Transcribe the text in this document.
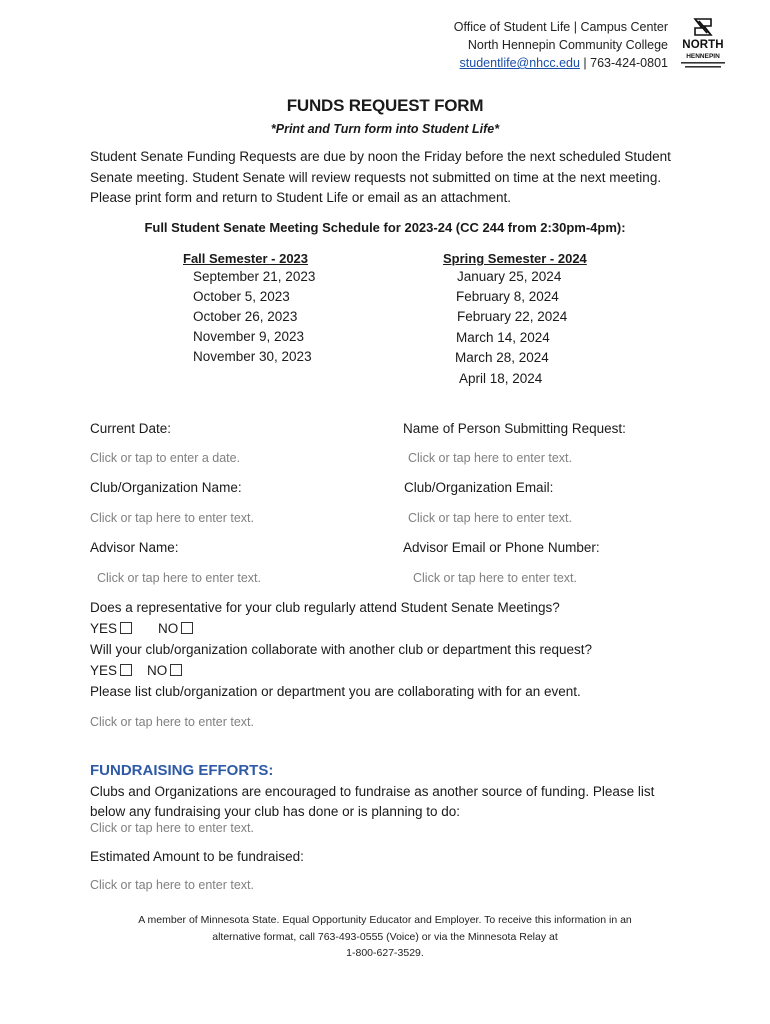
Office of Student Life | Campus Center
North Hennepin Community College
studentlife@nhcc.edu | 763-424-0801
NORTH
HENNEPIN
FUNDS REQUEST FORM
*Print and Turn form into Student Life*
Student Senate Funding Requests are due by noon the Friday before the next scheduled Student Senate meeting. Student Senate will review requests not submitted on time at the next meeting. Please print form and return to Student Life or email as an attachment.
Full Student Senate Meeting Schedule for 2023-24 (CC 244 from 2:30pm-4pm):
Fall Semester - 2023
September 21, 2023
October 5, 2023
October 26, 2023
November 9, 2023
November 30, 2023
Spring Semester - 2024
January 25, 2024
February 8, 2024
February 22, 2024
March 14, 2024
March 28, 2024
April 18, 2024
Current Date:
Click or tap to enter a date.
Name of Person Submitting Request:
Click or tap here to enter text.
Club/Organization Name:
Click or tap here to enter text.
Club/Organization Email:
Click or tap here to enter text.
Advisor Name:
Click or tap here to enter text.
Advisor Email or Phone Number:
Click or tap here to enter text.
Does a representative for your club regularly attend Student Senate Meetings?
YES	NO
Will your club/organization collaborate with another club or department this request?
YES	NO
Please list club/organization or department you are collaborating with for an event.
Click or tap here to enter text.
FUNDRAISING EFFORTS:
Clubs and Organizations are encouraged to fundraise as another source of funding. Please list below any fundraising your club has done or is planning to do:
Click or tap here to enter text.
Estimated Amount to be fundraised:
Click or tap here to enter text.
A member of Minnesota State. Equal Opportunity Educator and Employer. To receive this information in an
alternative format, call 763-493-0555 (Voice) or via the Minnesota Relay at
1-800-627-3529.
